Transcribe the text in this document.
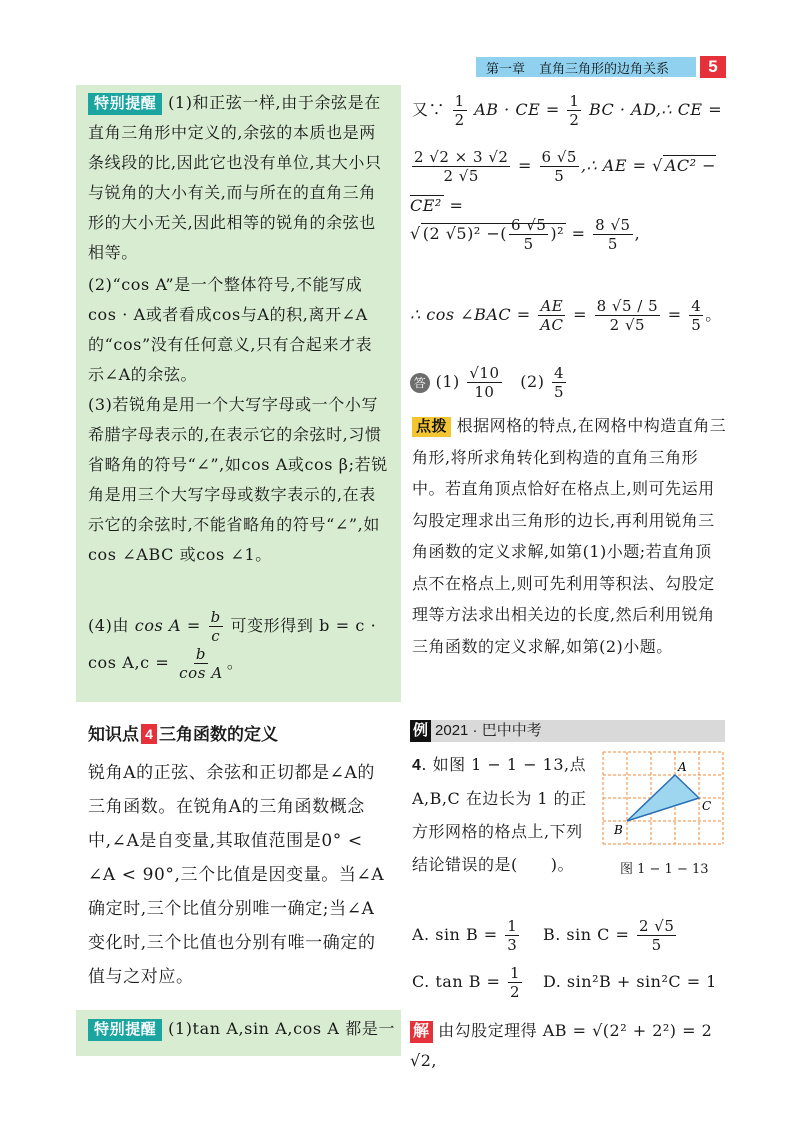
第一章	直角三角形的边角关系	5
特别提醒 (1)和正弦一样,由于余弦是在直角三角形中定义的,余弦的本质也是两条线段的比,因此它也没有单位,其大小只与锐角的大小有关,而与所在的直角三角形的大小无关,因此相等的锐角的余弦也相等。
(2)“cos A”是一个整体符号,不能写成cos · A或者看成cos与A的积,离开∠A的“cos”没有任何意义,只有合起来才表示∠A的余弦。
(3)若锐角是用一个大写字母或一个小写希腊字母表示的,在表示它的余弦时,习惯省略角的符号“∠”,如cos A或cos β;若锐角是用三个大写字母或数字表示的,在表示它的余弦时,不能省略角的符号“∠”,如 cos ∠ABC 或cos ∠1。
(4)由 $\cos A = \frac{b}{c}$ 可变形得到 b = c ·
$\cos A,c = \frac{b}{\text{cos A}}$ 。
知识点 4 三角函数的定义
锐角A的正弦、余弦和正切都是∠A的三角函数。在锐角A的三角函数概念中,∠A是自变量,其取值范围是0° < ∠A < 90°,三个比值是因变量。当∠A确定时,三个比值分别唯一确定;当∠A变化时,三个比值也分别有唯一确定的值与之对应。
特别提醒 (1)tan A,sin A,cos A 都是一
又∵ $\frac{1}{2}$ AB · CE = $\frac{1}{2}$ BC · AD,∴ CE =
$\frac{2 √2 \times 3 √2}{2 √5} = \frac{6 √5}{5}$ ,∴ AE = √ AC² − CE² =
√ (2 √5)² −( $\frac{6 √5}{5} )^2 = \frac{8 √5}{5}$ ,
∴ cos ∠BAC = $\frac{AE}{AC} = \frac{8 √5 / 5}{2 √5} = \frac{4}{5}$ 。
答 $(1) \frac{√10}{10} (2) \frac{4}{5}$
点拨 根据网格的特点,在网格中构造直角三角形,将所求角转化到构造的直角三角形中。若直角顶点恰好在格点上,则可先运用勾股定理求出三角形的边长,再利用锐角三角函数的定义求解,如第(1)小题;若直角顶点不在格点上,则可先利用等积法、勾股定理等方法求出相关边的长度,然后利用锐角三角函数的定义求解,如第(2)小题。
例 2021 · 巴中中考
4. 如图 1 − 1 − 13,点 A,B,C 在边长为 1 的正方形网格的格点上,下列结论错误的是(　　)。
A
B
C
图 1 − 1 − 13
A. $\sin B = \frac{1}{3} B$. $\sin C = \frac{2 √5}{5}$
C. $\tan B = \frac{1}{2} D$. sin²B + sin²C = 1
解 由勾股定理得 AB = √(2² + 2²) = 2 √2,
